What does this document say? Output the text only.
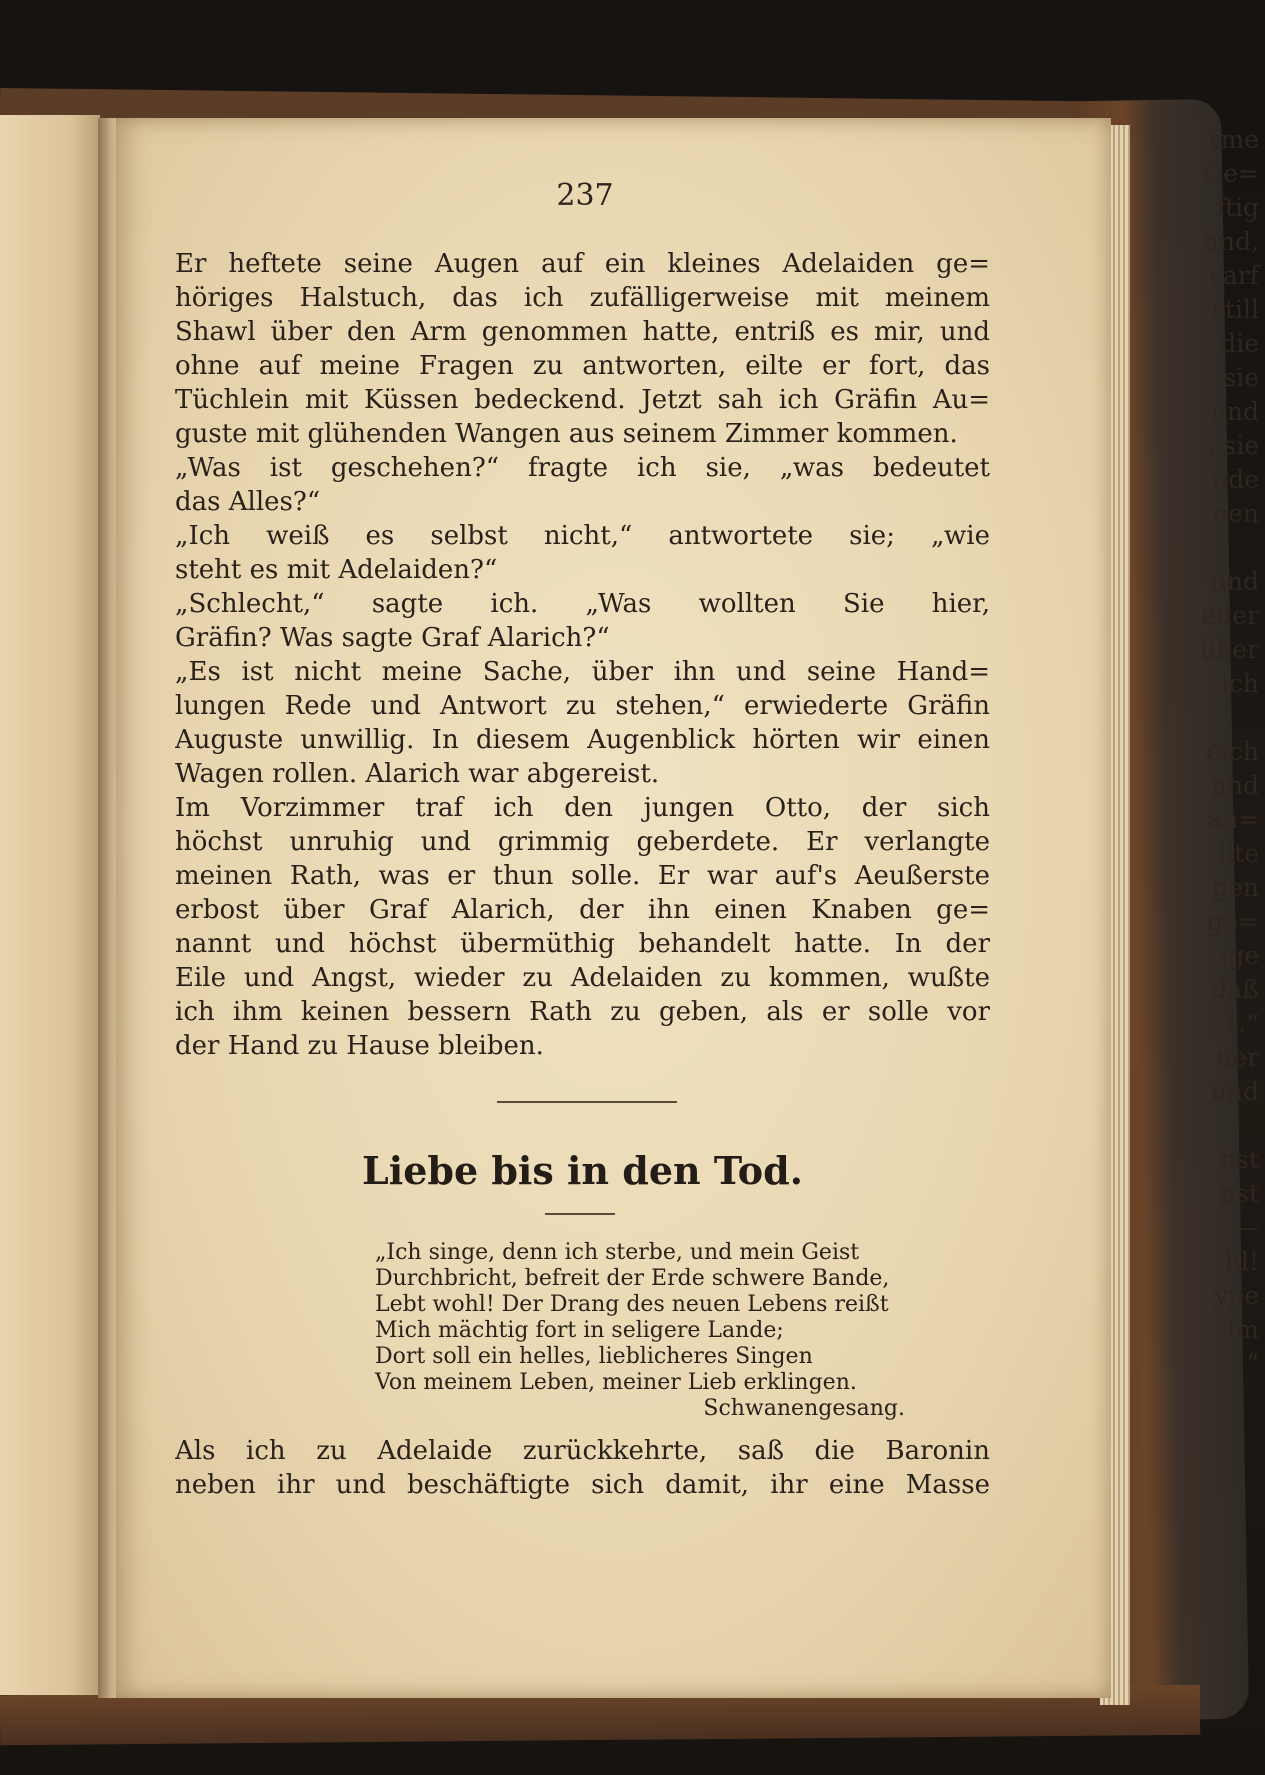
rme
Ge=
ftig
and,
varf
still
die
sie
und
, sie
nde
nen
und
eder
über
ich
eich
and
an=
llte
gen
ge=
ige
daß
t.“
uer
und
nst
nst
—
hl!
ype
lm
“
237
Er heftete seine Augen auf ein kleines Adelaiden ge=
höriges Halstuch, das ich zufälligerweise mit meinem
Shawl über den Arm genommen hatte, entriß es mir, und
ohne auf meine Fragen zu antworten, eilte er fort, das
Tüchlein mit Küssen bedeckend. Jetzt sah ich Gräfin Au=
guste mit glühenden Wangen aus seinem Zimmer kommen.
„Was ist geschehen?“ fragte ich sie, „was bedeutet
das Alles?“
„Ich weiß es selbst nicht,“ antwortete sie; „wie
steht es mit Adelaiden?“
„Schlecht,“ sagte ich. „Was wollten Sie hier,
Gräfin? Was sagte Graf Alarich?“
„Es ist nicht meine Sache, über ihn und seine Hand=
lungen Rede und Antwort zu stehen,“ erwiederte Gräfin
Auguste unwillig. In diesem Augenblick hörten wir einen
Wagen rollen. Alarich war abgereist.
Im Vorzimmer traf ich den jungen Otto, der sich
höchst unruhig und grimmig geberdete. Er verlangte
meinen Rath, was er thun solle. Er war auf's Aeußerste
erbost über Graf Alarich, der ihn einen Knaben ge=
nannt und höchst übermüthig behandelt hatte. In der
Eile und Angst, wieder zu Adelaiden zu kommen, wußte
ich ihm keinen bessern Rath zu geben, als er solle vor
der Hand zu Hause bleiben.
Liebe bis in den Tod.
„Ich singe, denn ich sterbe, und mein Geist
Durchbricht, befreit der Erde schwere Bande,
Lebt wohl! Der Drang des neuen Lebens reißt
Mich mächtig fort in seligere Lande;
Dort soll ein helles, lieblicheres Singen
Von meinem Leben, meiner Lieb erklingen.
Schwanengesang.
Als ich zu Adelaide zurückkehrte, saß die Baronin
neben ihr und beschäftigte sich damit, ihr eine Masse
